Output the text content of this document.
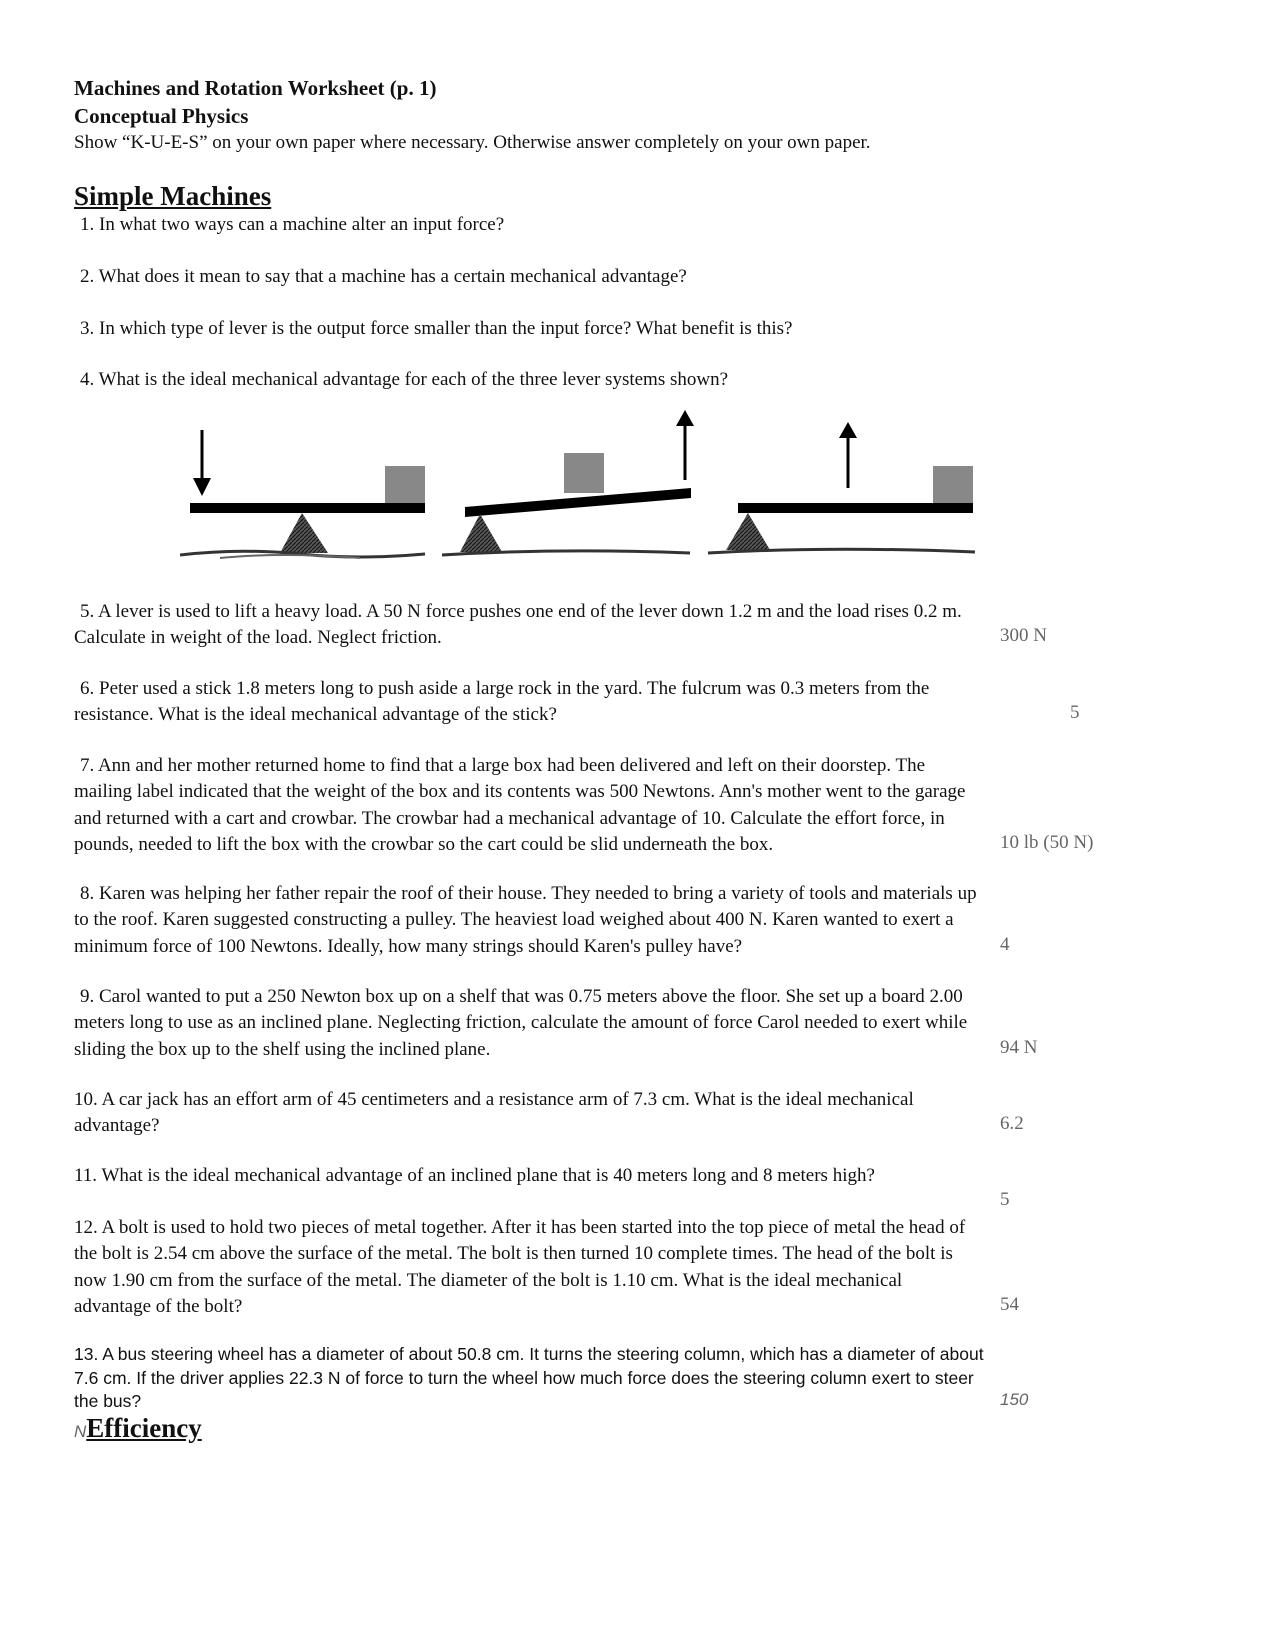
Machines and Rotation Worksheet (p. 1)
Conceptual Physics
Show “K-U-E-S” on your own paper where necessary. Otherwise answer completely on your own paper.
Simple Machines
1. In what two ways can a machine alter an input force?
2. What does it mean to say that a machine has a certain mechanical advantage?
3. In which type of lever is the output force smaller than the input force? What benefit is this?
4. What is the ideal mechanical advantage for each of the three lever systems shown?
5. A lever is used to lift a heavy load. A 50 N force pushes one end of the lever down 1.2 m and the load rises 0.2 m.
Calculate in weight of the load. Neglect friction.	300 N
6. Peter used a stick 1.8 meters long to push aside a large rock in the yard. The fulcrum was 0.3 meters from the
resistance. What is the ideal mechanical advantage of the stick?	5
7. Ann and her mother returned home to find that a large box had been delivered and left on their doorstep. The
mailing label indicated that the weight of the box and its contents was 500 Newtons. Ann's mother went to the garage
and returned with a cart and crowbar. The crowbar had a mechanical advantage of 10. Calculate the effort force, in
pounds, needed to lift the box with the crowbar so the cart could be slid underneath the box.	10 lb (50 N)
8. Karen was helping her father repair the roof of their house. They needed to bring a variety of tools and materials up
to the roof. Karen suggested constructing a pulley. The heaviest load weighed about 400 N. Karen wanted to exert a
minimum force of 100 Newtons. Ideally, how many strings should Karen's pulley have?	4
9. Carol wanted to put a 250 Newton box up on a shelf that was 0.75 meters above the floor. She set up a board 2.00
meters long to use as an inclined plane. Neglecting friction, calculate the amount of force Carol needed to exert while
sliding the box up to the shelf using the inclined plane.	94 N
10. A car jack has an effort arm of 45 centimeters and a resistance arm of 7.3 cm. What is the ideal mechanical
advantage?	6.2
11. What is the ideal mechanical advantage of an inclined plane that is 40 meters long and 8 meters high?
5
12. A bolt is used to hold two pieces of metal together. After it has been started into the top piece of metal the head of
the bolt is 2.54 cm above the surface of the metal. The bolt is then turned 10 complete times. The head of the bolt is
now 1.90 cm from the surface of the metal. The diameter of the bolt is 1.10 cm. What is the ideal mechanical
advantage of the bolt?	54
13. A bus steering wheel has a diameter of about 50.8 cm. It turns the steering column, which has a diameter of about
7.6 cm. If the driver applies 22.3 N of force to turn the wheel how much force does the steering column exert to steer
the bus?	150
NEfficiency
